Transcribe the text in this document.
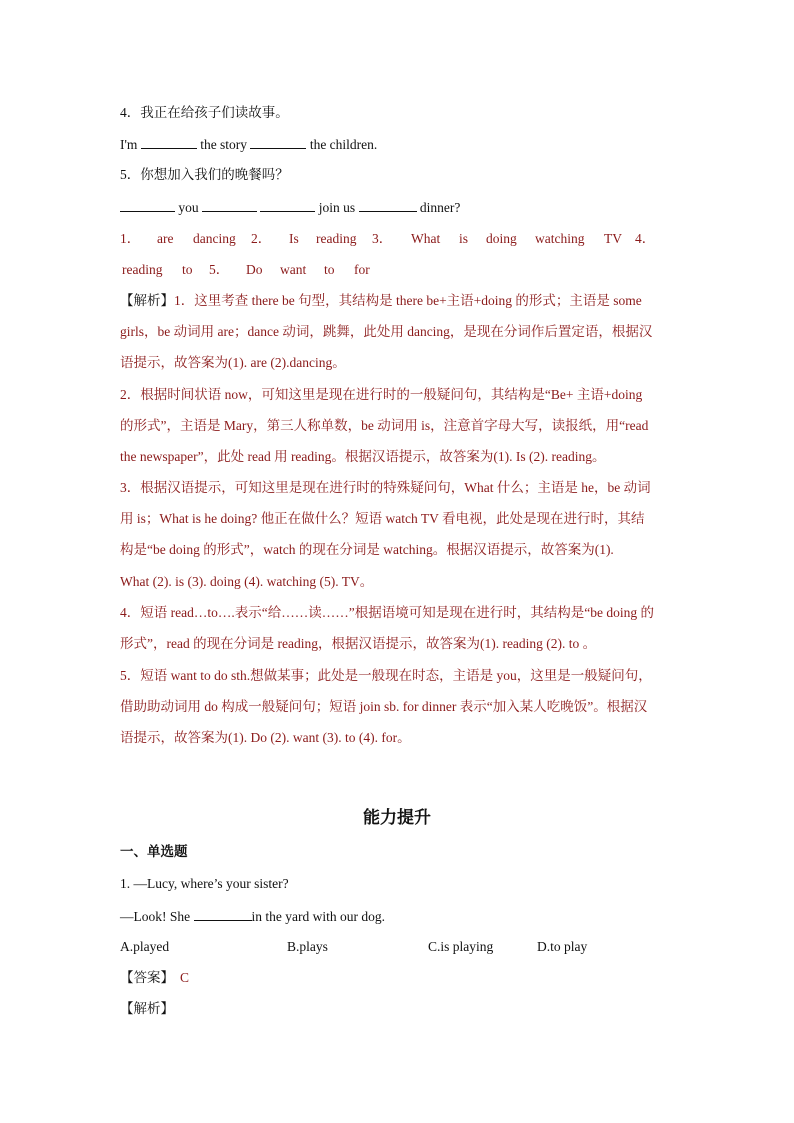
4．我正在给孩子们读故事。
I'm	the story	the children.
5．你想加入我们的晚餐吗？
you	join us	dinner?
1． are dancing 2． Is reading 3． What is doing watching TV 4．
reading to 5． Do want to for
【解析】1．这里考查 there be 句型，其结构是 there be+主语+doing 的形式；主语是 some
girls，be 动词用 are；dance 动词，跳舞，此处用 dancing，是现在分词作后置定语，根据汉
语提示，故答案为(1). are (2).dancing。
2．根据时间状语 now，可知这里是现在进行时的一般疑问句，其结构是“Be+ 主语+doing
的形式”，主语是 Mary，第三人称单数，be 动词用 is，注意首字母大写，读报纸，用“read
the newspaper”，此处 read 用 reading。根据汉语提示，故答案为(1). Is (2). reading。
3．根据汉语提示，可知这里是现在进行时的特殊疑问句，What 什么；主语是 he，be 动词
用 is；What is he doing? 他正在做什么？短语 watch TV 看电视，此处是现在进行时，其结
构是“be doing 的形式”，watch 的现在分词是 watching。根据汉语提示，故答案为(1).
What (2). is (3). doing (4). watching (5). TV。
4．短语 read…to….表示“给……读……”根据语境可知是现在进行时，其结构是“be doing 的
形式”，read 的现在分词是 reading，根据汉语提示，故答案为(1). reading (2). to 。
5．短语 want to do sth.想做某事；此处是一般现在时态，主语是 you，这里是一般疑问句，
借助助动词用 do 构成一般疑问句；短语 join sb. for dinner 表示“加入某人吃晚饭”。根据汉
语提示，故答案为(1). Do (2). want (3). to (4). for。
能力提升
一、单选题
1. —Lucy, where’s your sister?
—Look! She	in the yard with our dog.
A.played	B.plays	C.is playing	D.to play
【答案】 C
【解析】
